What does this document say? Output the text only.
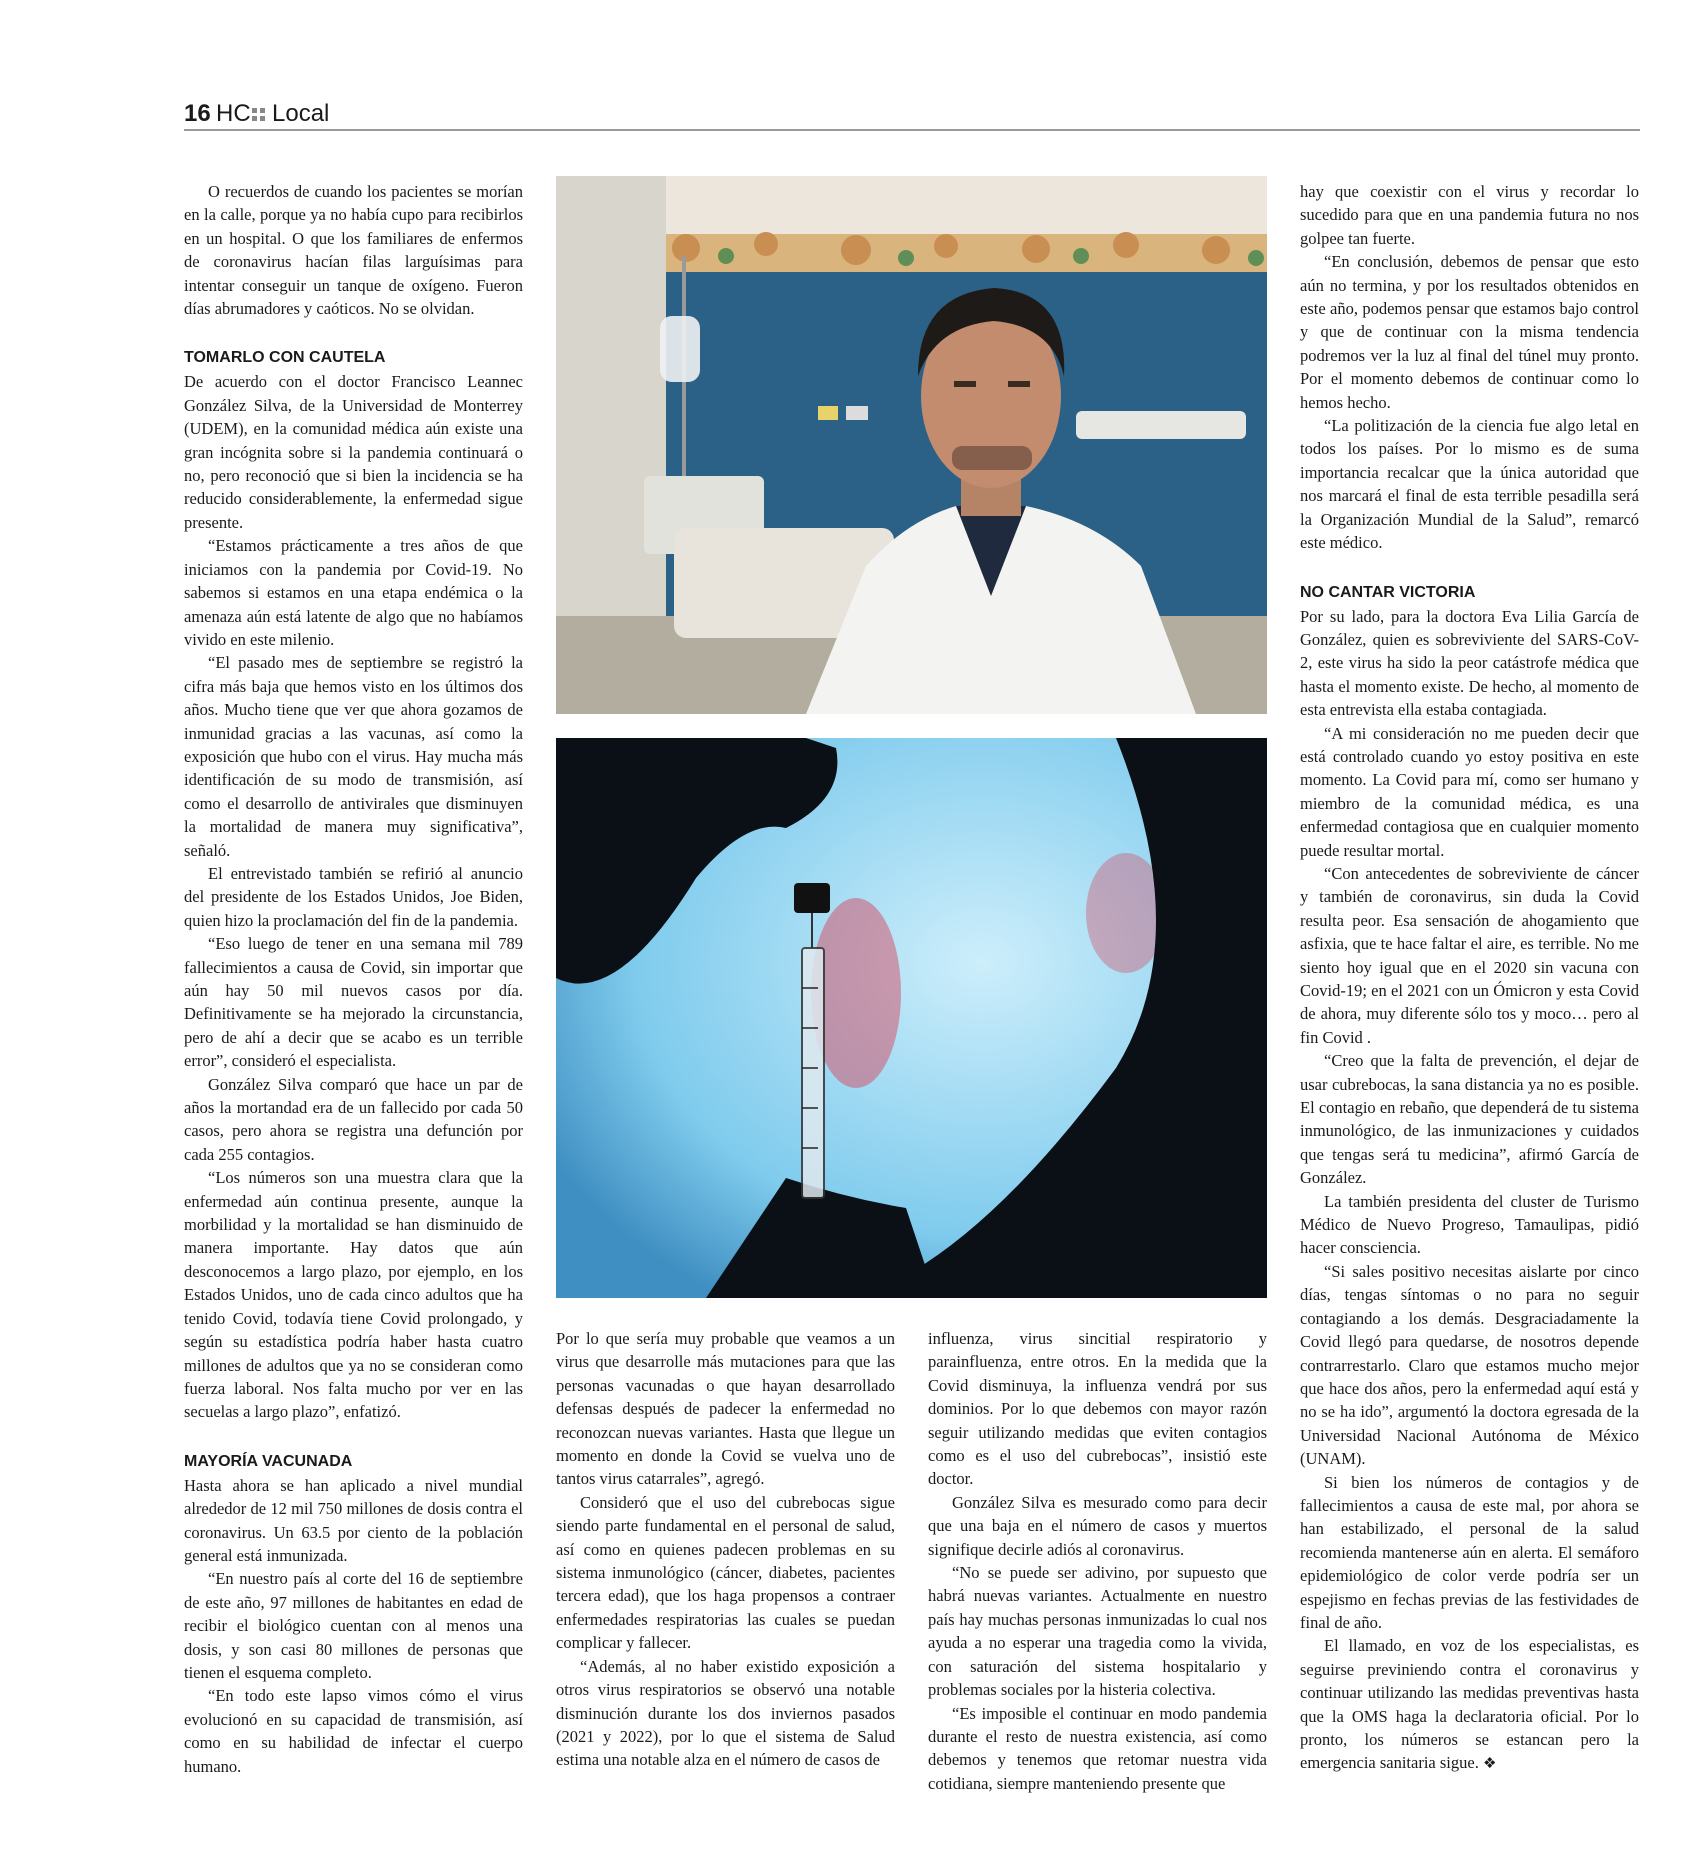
16 HC Local

O recuerdos de cuando los pacientes se morían en la calle, porque ya no había cupo para recibirlos en un hospital. O que los familiares de enfermos de coronavirus hacían filas larguísimas para intentar conseguir un tanque de oxígeno. Fueron días abrumadores y caóticos. No se olvidan.

TOMARLO CON CAUTELA

De acuerdo con el doctor Francisco Leannec González Silva, de la Universidad de Monterrey (UDEM), en la comunidad médica aún existe una gran incógnita sobre si la pandemia continuará o no, pero reconoció que si bien la incidencia se ha reducido considerablemente, la enfermedad sigue presente.

“Estamos prácticamente a tres años de que iniciamos con la pandemia por Covid-19. No sabemos si estamos en una etapa endémica o la amenaza aún está latente de algo que no habíamos vivido en este milenio.

“El pasado mes de septiembre se registró la cifra más baja que hemos visto en los últimos dos años. Mucho tiene que ver que ahora gozamos de inmunidad gracias a las vacunas, así como la exposición que hubo con el virus. Hay mucha más identificación de su modo de transmisión, así como el desarrollo de antivirales que disminuyen la mortalidad de manera muy significativa”, señaló.

El entrevistado también se refirió al anuncio del presidente de los Estados Unidos, Joe Biden, quien hizo la proclamación del fin de la pandemia.

“Eso luego de tener en una semana mil 789 fallecimientos a causa de Covid, sin importar que aún hay 50 mil nuevos casos por día. Definitivamente se ha mejorado la circunstancia, pero de ahí a decir que se acabo es un terrible error”, consideró el especialista.

González Silva comparó que hace un par de años la mortandad era de un fallecido por cada 50 casos, pero ahora se registra una defunción por cada 255 contagios.

“Los números son una muestra clara que la enfermedad aún continua presente, aunque la morbilidad y la mortalidad se han disminuido de manera importante. Hay datos que aún desconocemos a largo plazo, por ejemplo, en los Estados Unidos, uno de cada cinco adultos que ha tenido Covid, todavía tiene Covid prolongado, y según su estadística podría haber hasta cuatro millones de adultos que ya no se consideran como fuerza laboral. Nos falta mucho por ver en las secuelas a largo plazo”, enfatizó.

MAYORÍA VACUNADA

Hasta ahora se han aplicado a nivel mundial alrededor de 12 mil 750 millones de dosis contra el coronavirus. Un 63.5 por ciento de la población general está inmunizada.

“En nuestro país al corte del 16 de septiembre de este año, 97 millones de habitantes en edad de recibir el biológico cuentan con al menos una dosis, y son casi 80 millones de personas que tienen el esquema completo.

“En todo este lapso vimos cómo el virus evolucionó en su capacidad de transmisión, así como en su habilidad de infectar el cuerpo humano.

Por lo que sería muy probable que veamos a un virus que desarrolle más mutaciones para que las personas vacunadas o que hayan desarrollado defensas después de padecer la enfermedad no reconozcan nuevas variantes. Hasta que llegue un momento en donde la Covid se vuelva uno de tantos virus catarrales”, agregó.

Consideró que el uso del cubrebocas sigue siendo parte fundamental en el personal de salud, así como en quienes padecen problemas en su sistema inmunológico (cáncer, diabetes, pacientes tercera edad), que los haga propensos a contraer enfermedades respiratorias las cuales se puedan complicar y fallecer.

“Además, al no haber existido exposición a otros virus respiratorios se observó una notable disminución durante los dos inviernos pasados (2021 y 2022), por lo que el sistema de Salud estima una notable alza en el número de casos de

influenza, virus sincitial respiratorio y parainfluenza, entre otros. En la medida que la Covid disminuya, la influenza vendrá por sus dominios. Por lo que debemos con mayor razón seguir utilizando medidas que eviten contagios como es el uso del cubrebocas”, insistió este doctor.

González Silva es mesurado como para decir que una baja en el número de casos y muertos signifique decirle adiós al coronavirus.

“No se puede ser adivino, por supuesto que habrá nuevas variantes. Actualmente en nuestro país hay muchas personas inmunizadas lo cual nos ayuda a no esperar una tragedia como la vivida, con saturación del sistema hospitalario y problemas sociales por la histeria colectiva.

“Es imposible el continuar en modo pandemia durante el resto de nuestra existencia, así como debemos y tenemos que retomar nuestra vida cotidiana, siempre manteniendo presente que

hay que coexistir con el virus y recordar lo sucedido para que en una pandemia futura no nos golpee tan fuerte.

“En conclusión, debemos de pensar que esto aún no termina, y por los resultados obtenidos en este año, podemos pensar que estamos bajo control y que de continuar con la misma tendencia podremos ver la luz al final del túnel muy pronto. Por el momento debemos de continuar como lo hemos hecho.

“La politización de la ciencia fue algo letal en todos los países. Por lo mismo es de suma importancia recalcar que la única autoridad que nos marcará el final de esta terrible pesadilla será la Organización Mundial de la Salud”, remarcó este médico.

NO CANTAR VICTORIA

Por su lado, para la doctora Eva Lilia García de González, quien es sobreviviente del SARS-CoV-2, este virus ha sido la peor catástrofe médica que hasta el momento existe. De hecho, al momento de esta entrevista ella estaba contagiada.

“A mi consideración no me pueden decir que está controlado cuando yo estoy positiva en este momento. La Covid para mí, como ser humano y miembro de la comunidad médica, es una enfermedad contagiosa que en cualquier momento puede resultar mortal.

“Con antecedentes de sobreviviente de cáncer y también de coronavirus, sin duda la Covid resulta peor. Esa sensación de ahogamiento que asfixia, que te hace faltar el aire, es terrible. No me siento hoy igual que en el 2020 sin vacuna con Covid-19; en el 2021 con un Ómicron y esta Covid de ahora, muy diferente sólo tos y moco… pero al fin Covid .

“Creo que la falta de prevención, el dejar de usar cubrebocas, la sana distancia ya no es posible. El contagio en rebaño, que dependerá de tu sistema inmunológico, de las inmunizaciones y cuidados que tengas será tu medicina”, afirmó García de González.

La también presidenta del cluster de Turismo Médico de Nuevo Progreso, Tamaulipas, pidió hacer consciencia.

“Si sales positivo necesitas aislarte por cinco días, tengas síntomas o no para no seguir contagiando a los demás. Desgraciadamente la Covid llegó para quedarse, de nosotros depende contrarrestarlo. Claro que estamos mucho mejor que hace dos años, pero la enfermedad aquí está y no se ha ido”, argumentó la doctora egresada de la Universidad Nacional Autónoma de México (UNAM).

Si bien los números de contagios y de fallecimientos a causa de este mal, por ahora se han estabilizado, el personal de la salud recomienda mantenerse aún en alerta. El semáforo epidemiológico de color verde podría ser un espejismo en fechas previas de las festividades de final de año.

El llamado, en voz de los especialistas, es seguirse previniendo contra el coronavirus y continuar utilizando las medidas preventivas hasta que la OMS haga la declaratoria oficial. Por lo pronto, los números se estancan pero la emergencia sanitaria sigue. ❖
